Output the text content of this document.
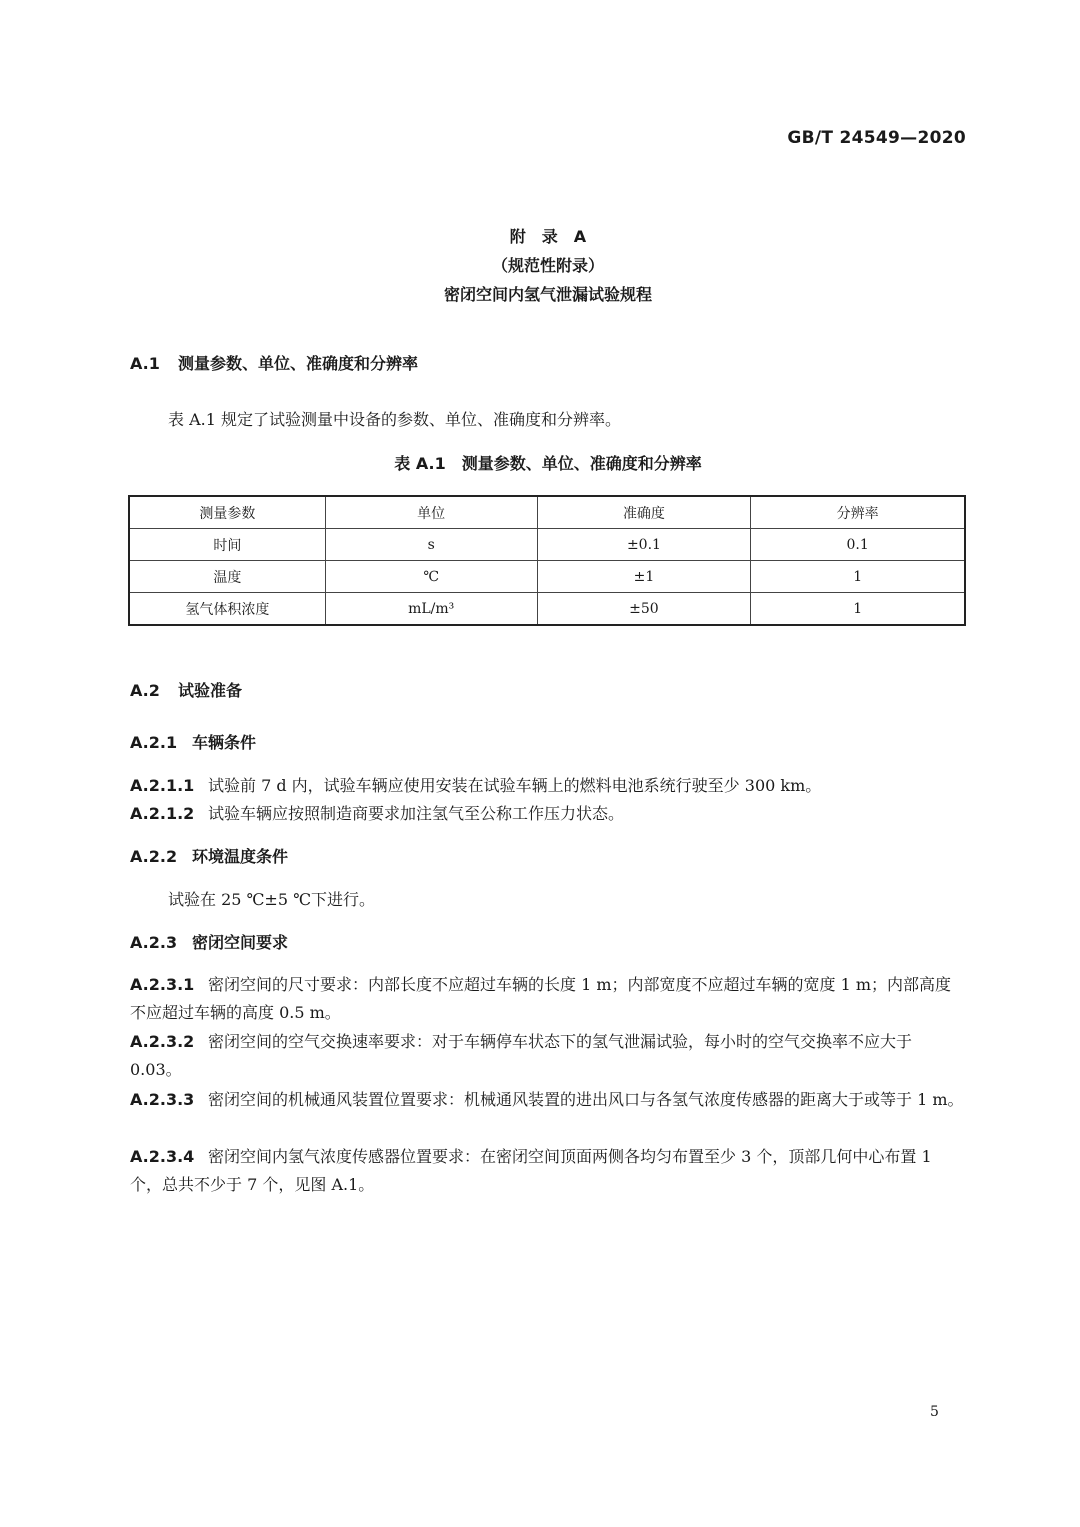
GB/T 24549—2020
附　录　A
（规范性附录）
密闭空间内氢气泄漏试验规程
A.1 测量参数、单位、准确度和分辨率
表 A.1 规定了试验测量中设备的参数、单位、准确度和分辨率。
表 A.1　测量参数、单位、准确度和分辨率
测量参数	单位	准确度	分辨率
时间	s	±0.1	0.1
温度	℃	±1	1
氢气体积浓度	mL/m³	±50	1
A.2 试验准备
A.2.1 车辆条件
A.2.1.1 试验前 7 d 内，试验车辆应使用安装在试验车辆上的燃料电池系统行驶至少 300 km。
A.2.1.2 试验车辆应按照制造商要求加注氢气至公称工作压力状态。
A.2.2 环境温度条件
试验在 25 ℃±5 ℃下进行。
A.2.3 密闭空间要求
A.2.3.1 密闭空间的尺寸要求：内部长度不应超过车辆的长度 1 m；内部宽度不应超过车辆的宽度 1 m；内部高度不应超过车辆的高度 0.5 m。
A.2.3.2 密闭空间的空气交换速率要求：对于车辆停车状态下的氢气泄漏试验，每小时的空气交换率不应大于 0.03。
A.2.3.3 密闭空间的机械通风装置位置要求：机械通风装置的进出风口与各氢气浓度传感器的距离大于或等于 1 m。
A.2.3.4 密闭空间内氢气浓度传感器位置要求：在密闭空间顶面两侧各均匀布置至少 3 个，顶部几何中心布置 1 个，总共不少于 7 个，见图 A.1。
5
